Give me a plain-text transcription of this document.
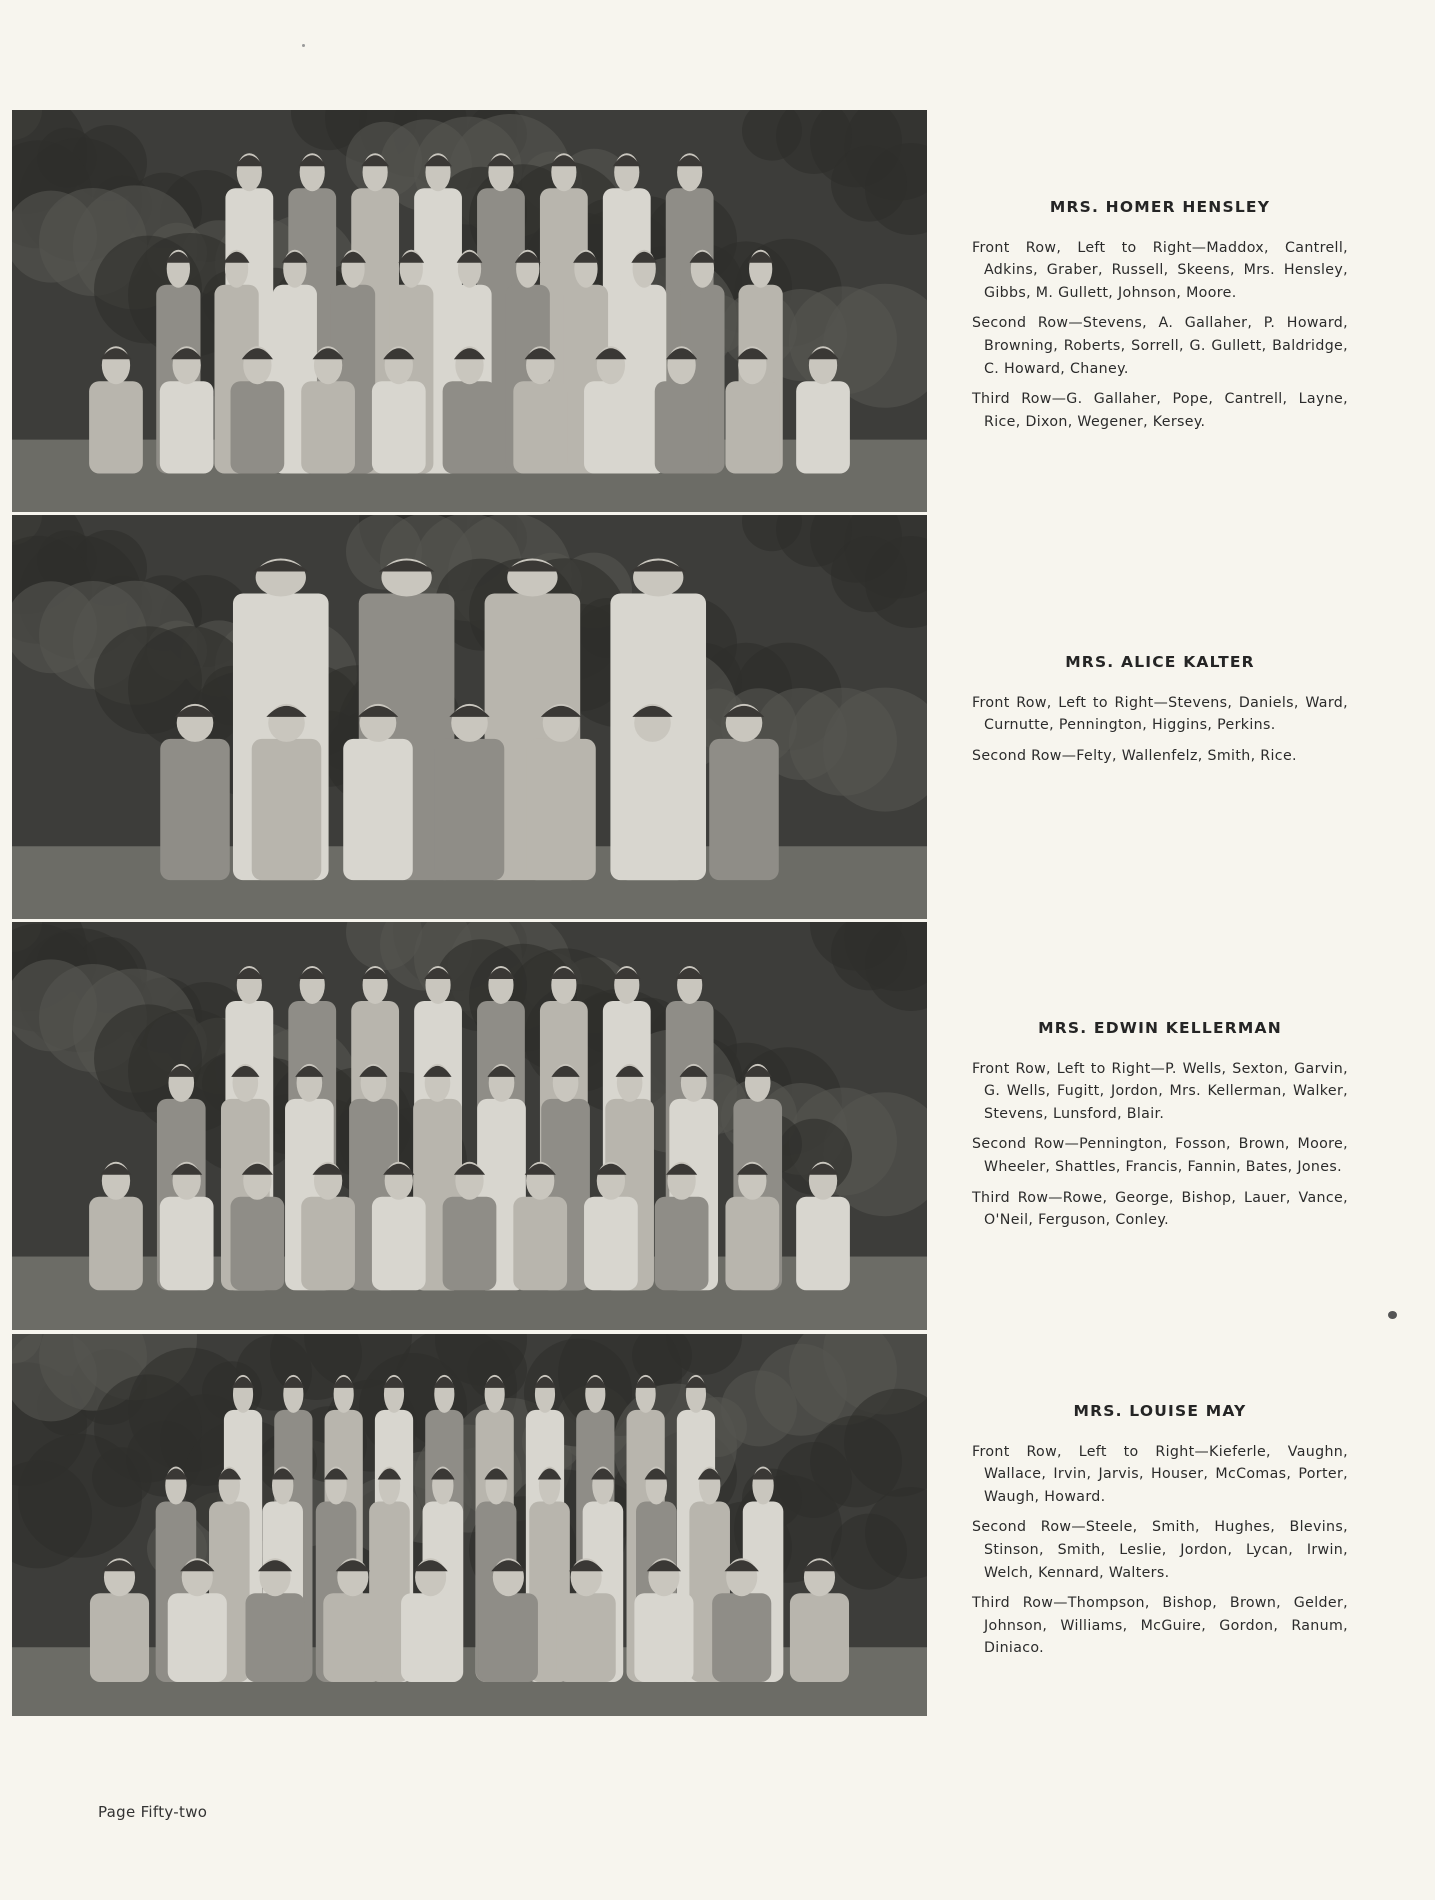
MRS. HOMER HENSLEY

Front Row, Left to Right—Maddox, Cantrell, Adkins, Graber, Russell, Skeens, Mrs. Hensley, Gibbs, M. Gullett, Johnson, Moore.

Second Row—Stevens, A. Gallaher, P. Howard, Browning, Roberts, Sorrell, G. Gullett, Baldridge, C. Howard, Chaney.

Third Row—G. Gallaher, Pope, Cantrell, Layne, Rice, Dixon, Wegener, Kersey.

MRS. ALICE KALTER

Front Row, Left to Right—Stevens, Daniels, Ward, Curnutte, Pennington, Higgins, Perkins.

Second Row—Felty, Wallenfelz, Smith, Rice.

MRS. EDWIN KELLERMAN

Front Row, Left to Right—P. Wells, Sexton, Garvin, G. Wells, Fugitt, Jordon, Mrs. Kellerman, Walker, Stevens, Lunsford, Blair.

Second Row—Pennington, Fosson, Brown, Moore, Wheeler, Shattles, Francis, Fannin, Bates, Jones.

Third Row—Rowe, George, Bishop, Lauer, Vance, O'Neil, Ferguson, Conley.

MRS. LOUISE MAY

Front Row, Left to Right—Kieferle, Vaughn, Wallace, Irvin, Jarvis, Houser, McComas, Porter, Waugh, Howard.

Second Row—Steele, Smith, Hughes, Blevins, Stinson, Smith, Leslie, Jordon, Lycan, Irwin, Welch, Kennard, Walters.

Third Row—Thompson, Bishop, Brown, Gelder, Johnson, Williams, McGuire, Gordon, Ranum, Diniaco.

Page Fifty-two
